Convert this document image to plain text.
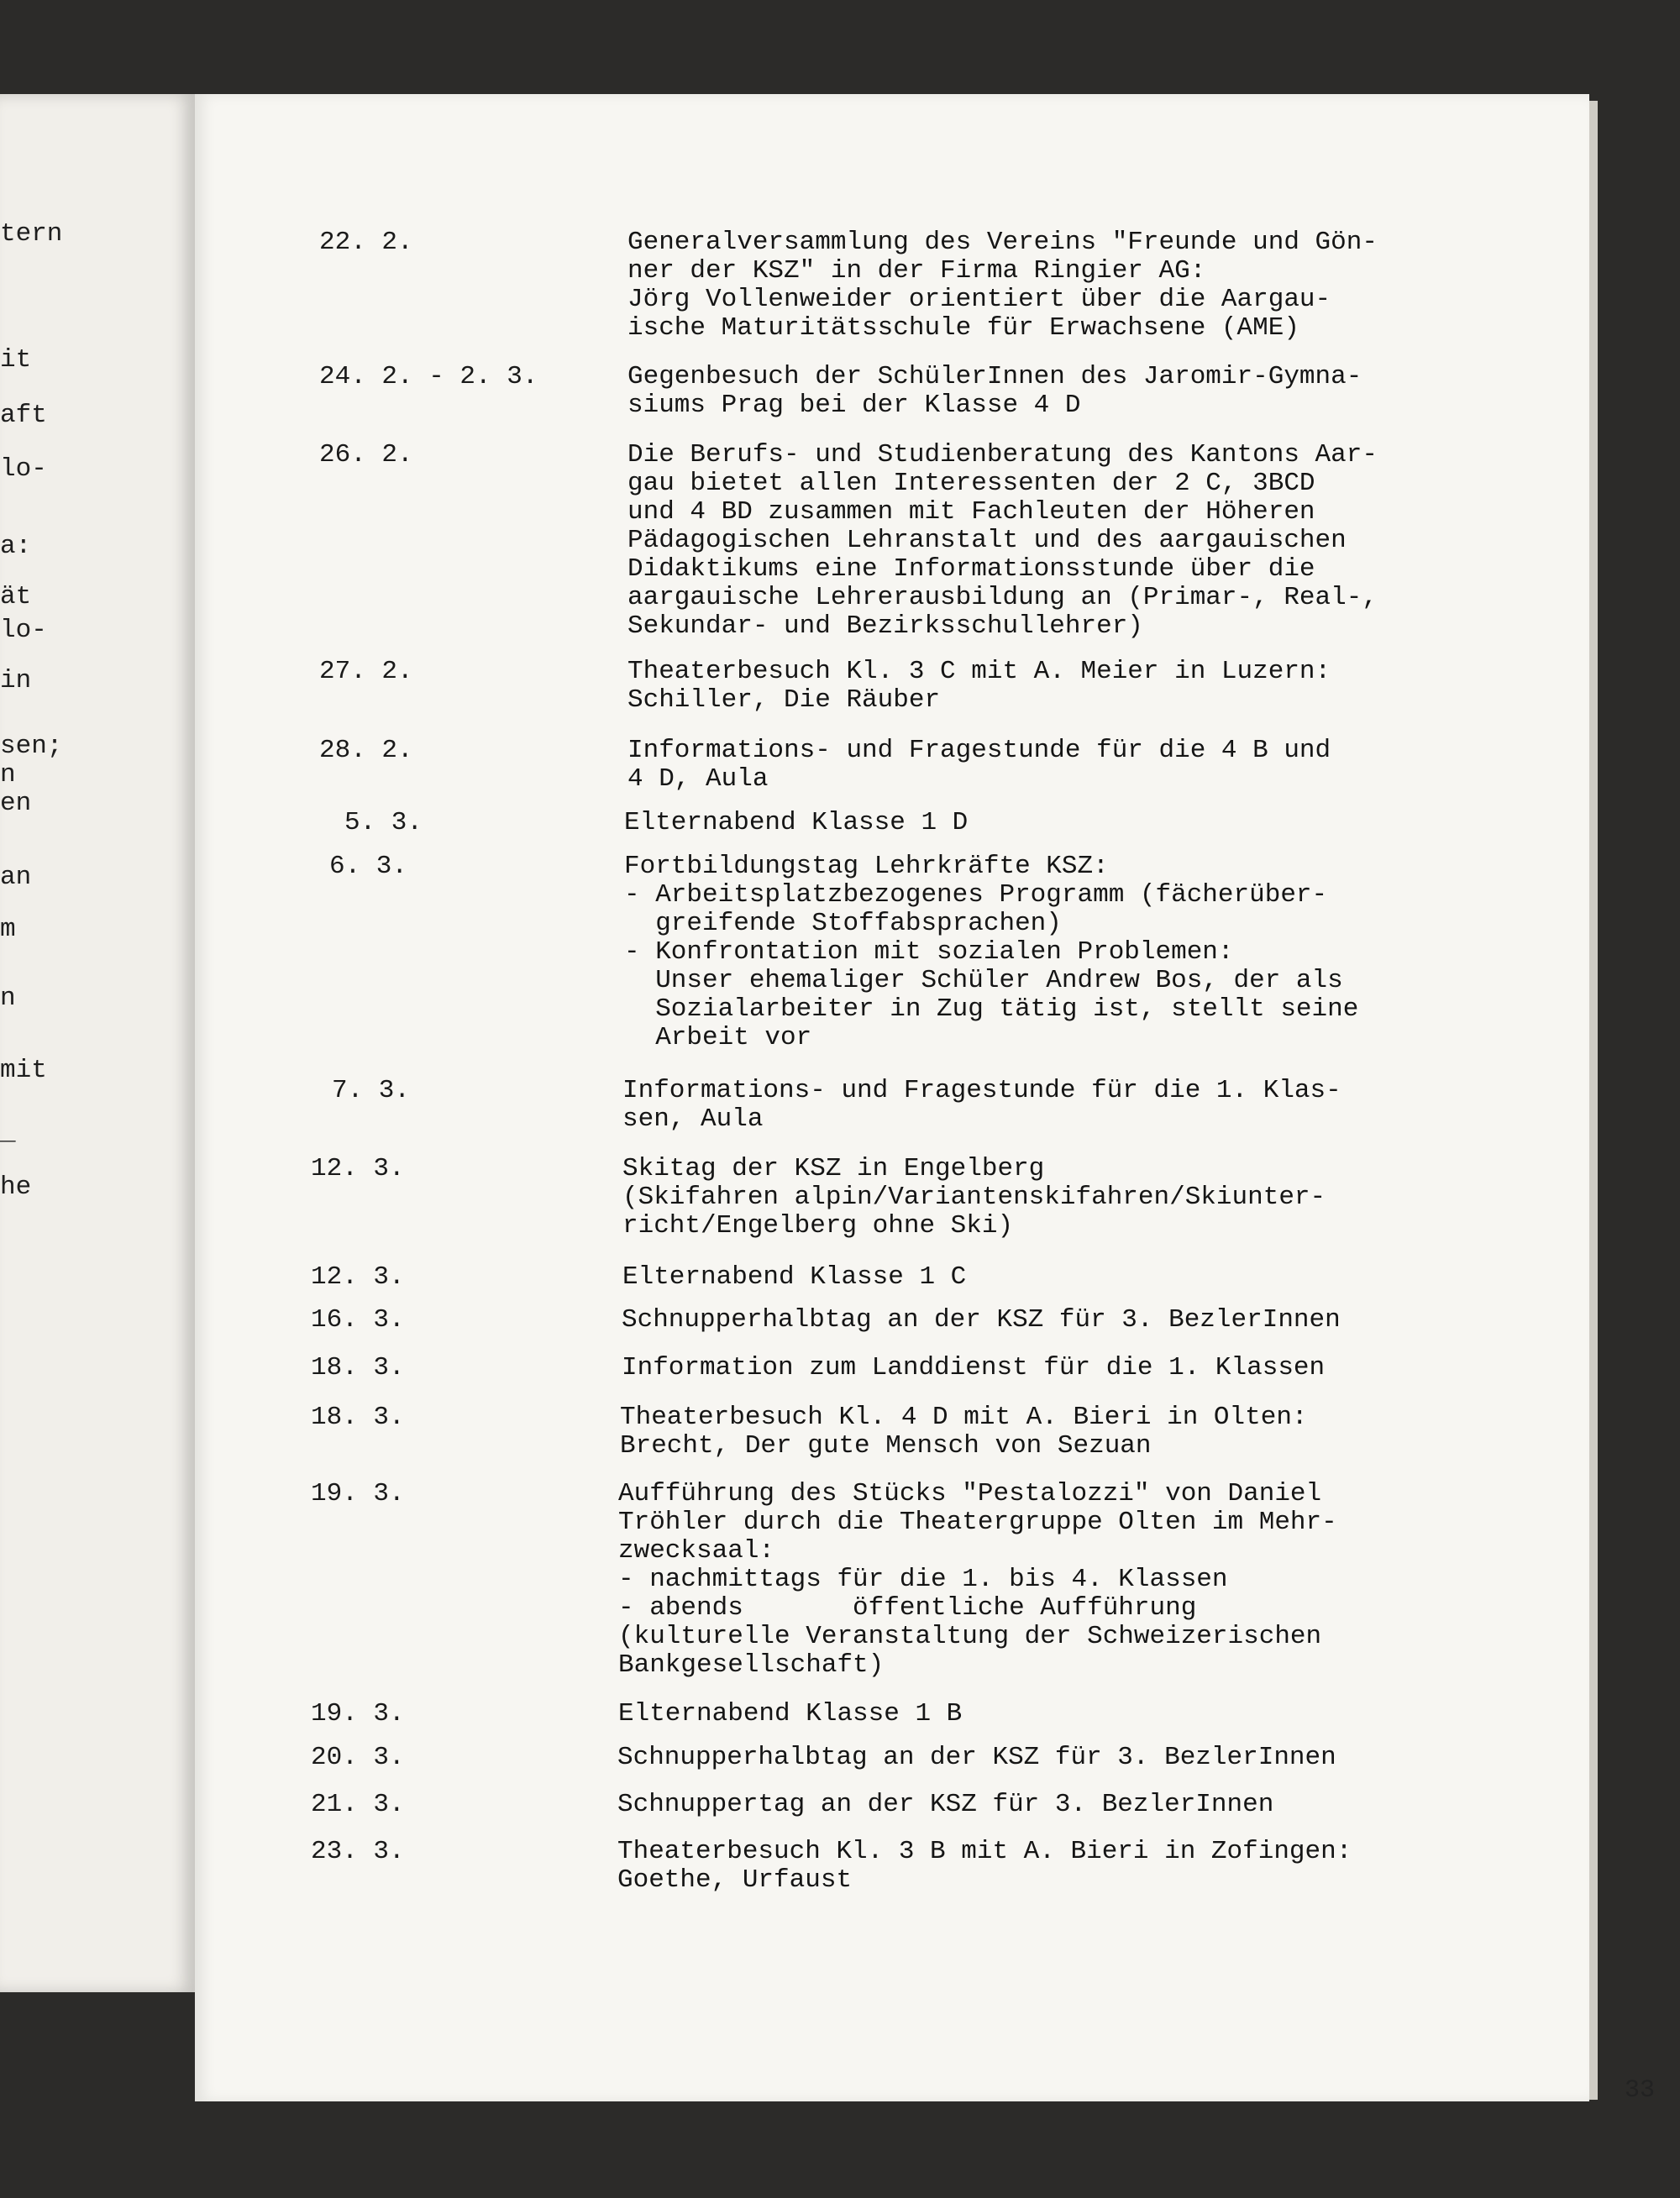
tern
it
aft
lo-
a:
ät
lo-
in
sen;
n
en
an
m
n
mit
_
he
22. 2.	Generalversammlung des Vereins "Freunde und Gön-
ner der KSZ" in der Firma Ringier AG:
Jörg Vollenweider orientiert über die Aargau-
ische Maturitätsschule für Erwachsene (AME)
24. 2. - 2. 3.	Gegenbesuch der SchülerInnen des Jaromir-Gymna-
siums Prag bei der Klasse 4 D
26. 2.	Die Berufs- und Studienberatung des Kantons Aar-
gau bietet allen Interessenten der 2 C, 3BCD
und 4 BD zusammen mit Fachleuten der Höheren
Pädagogischen Lehranstalt und des aargauischen
Didaktikums eine Informationsstunde über die
aargauische Lehrerausbildung an (Primar-, Real-,
Sekundar- und Bezirksschullehrer)
27. 2.	Theaterbesuch Kl. 3 C mit A. Meier in Luzern:
Schiller, Die Räuber
28. 2.	Informations- und Fragestunde für die 4 B und
4 D, Aula
5. 3.	Elternabend Klasse 1 D
6. 3.	Fortbildungstag Lehrkräfte KSZ:
- Arbeitsplatzbezogenes Programm (fächerüber-
greifende Stoffabsprachen)
- Konfrontation mit sozialen Problemen:
Unser ehemaliger Schüler Andrew Bos, der als
Sozialarbeiter in Zug tätig ist, stellt seine
Arbeit vor
7. 3.	Informations- und Fragestunde für die 1. Klas-
sen, Aula
12. 3.	Skitag der KSZ in Engelberg
(Skifahren alpin/Variantenskifahren/Skiunter-
richt/Engelberg ohne Ski)
12. 3.	Elternabend Klasse 1 C
16. 3.	Schnupperhalbtag an der KSZ für 3. BezlerInnen
18. 3.	Information zum Landdienst für die 1. Klassen
18. 3.	Theaterbesuch Kl. 4 D mit A. Bieri in Olten:
Brecht, Der gute Mensch von Sezuan
19. 3.	Aufführung des Stücks "Pestalozzi" von Daniel
Tröhler durch die Theatergruppe Olten im Mehr-
zwecksaal:
- nachmittags für die 1. bis 4. Klassen
- abends       öffentliche Aufführung
(kulturelle Veranstaltung der Schweizerischen
Bankgesellschaft)
19. 3.	Elternabend Klasse 1 B
20. 3.	Schnupperhalbtag an der KSZ für 3. BezlerInnen
21. 3.	Schnuppertag an der KSZ für 3. BezlerInnen
23. 3.	Theaterbesuch Kl. 3 B mit A. Bieri in Zofingen:
Goethe, Urfaust
33
